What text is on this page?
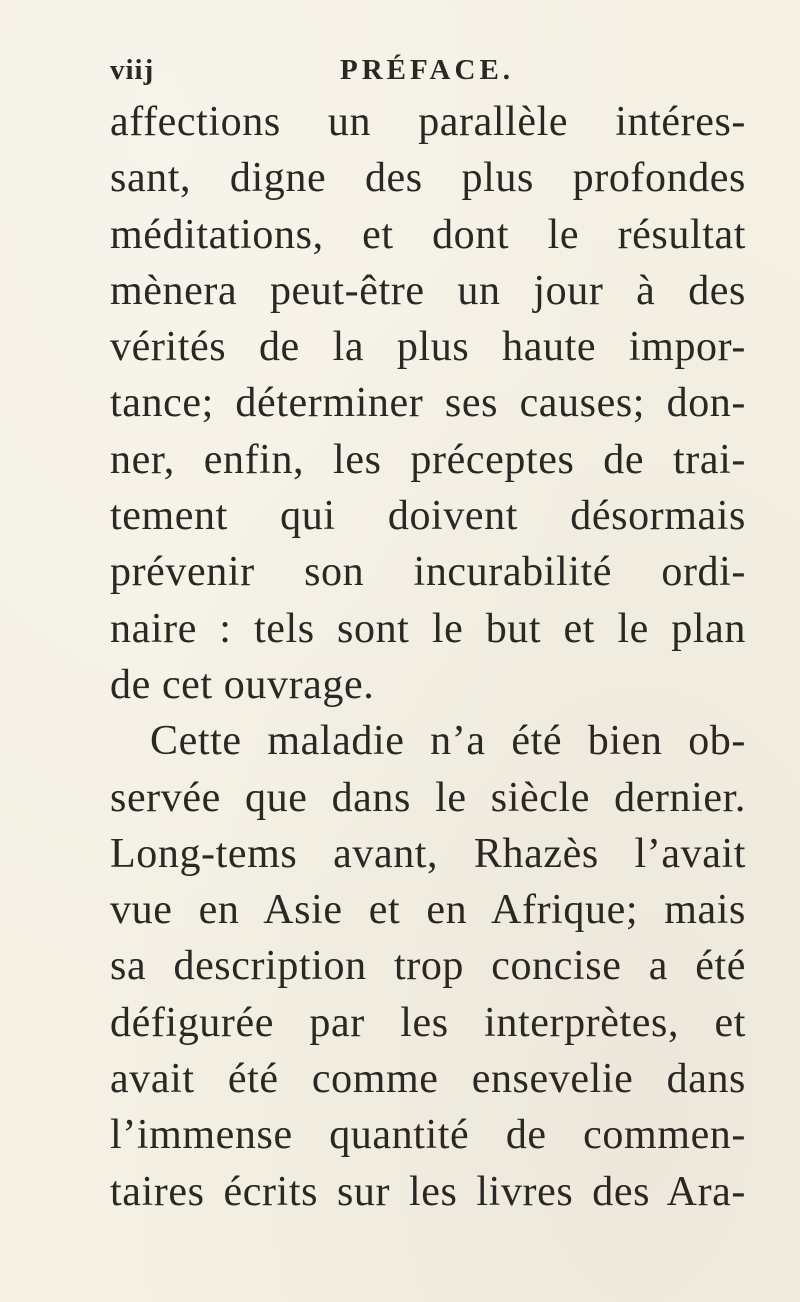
viij	PRÉFACE.
affections un parallèle intéres-
sant, digne des plus profondes
méditations, et dont le résultat
mènera peut-être un jour à des
vérités de la plus haute impor-
tance; déterminer ses causes; don-
ner, enfin, les préceptes de trai-
tement qui doivent désormais
prévenir son incurabilité ordi-
naire : tels sont le but et le plan
de cet ouvrage.
Cette maladie n’a été bien ob-
servée que dans le siècle dernier.
Long-tems avant, Rhazès l’avait
vue en Asie et en Afrique; mais
sa description trop concise a été
défigurée par les interprètes, et
avait été comme ensevelie dans
l’immense quantité de commen-
taires écrits sur les livres des Ara-
